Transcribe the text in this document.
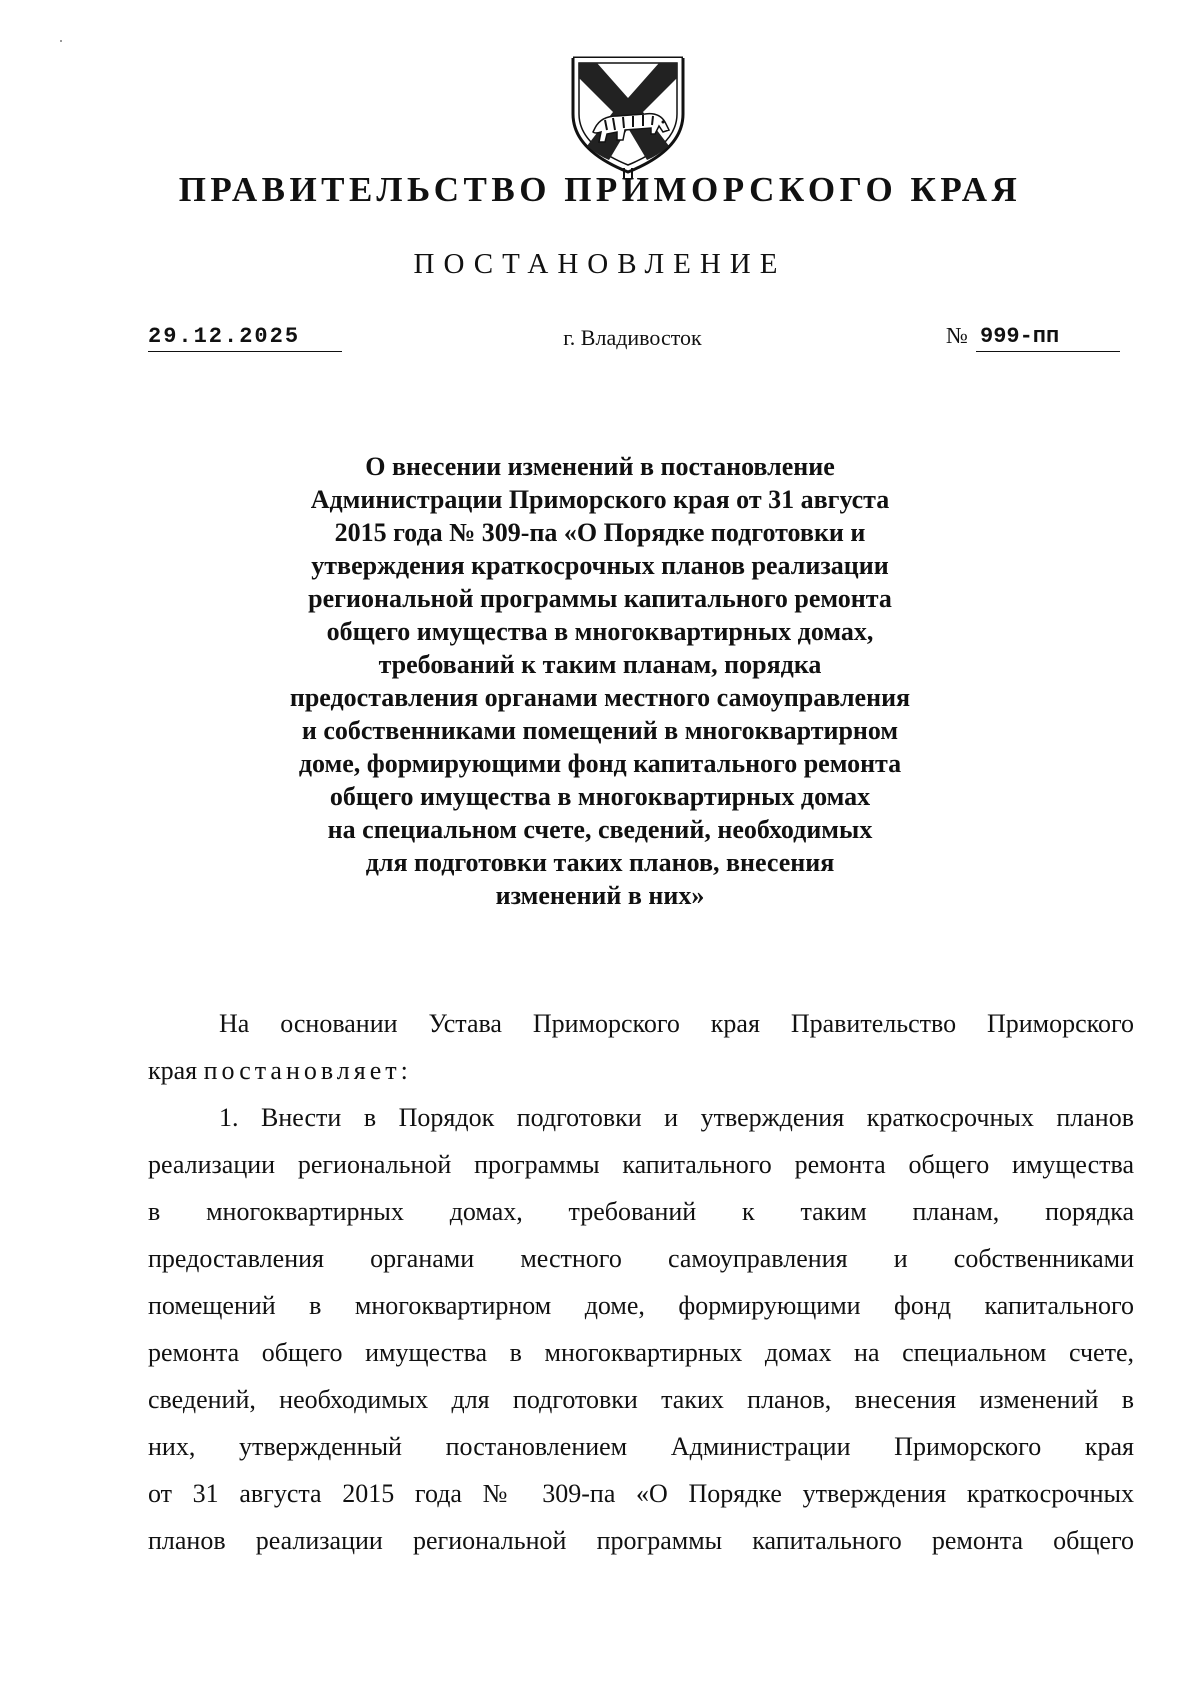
ПРАВИТЕЛЬСТВО ПРИМОРСКОГО КРАЯ
ПОСТАНОВЛЕНИЕ
29.12.2025	г. Владивосток	№ 999-пп
О внесении изменений в постановление
Администрации Приморского края от 31 августа
2015 года № 309-па «О Порядке подготовки и
утверждения краткосрочных планов реализации
региональной программы капитального ремонта
общего имущества в многоквартирных домах,
требований к таким планам, порядка
предоставления органами местного самоуправления
и собственниками помещений в многоквартирном
доме, формирующими фонд капитального ремонта
общего имущества в многоквартирных домах
на специальном счете, сведений, необходимых
для подготовки таких планов, внесения
изменений в них»
На основании Устава Приморского края Правительство Приморского
края постановляет:
1. Внести в Порядок подготовки и утверждения краткосрочных планов
реализации региональной программы капитального ремонта общего имущества
в многоквартирных домах, требований к таким планам, порядка
предоставления органами местного самоуправления и собственниками
помещений в многоквартирном доме, формирующими фонд капитального
ремонта общего имущества в многоквартирных домах на специальном счете,
сведений, необходимых для подготовки таких планов, внесения изменений в
них, утвержденный постановлением Администрации Приморского края
от 31 августа 2015 года № 309-па «О Порядке утверждения краткосрочных
планов реализации региональной программы капитального ремонта общего
